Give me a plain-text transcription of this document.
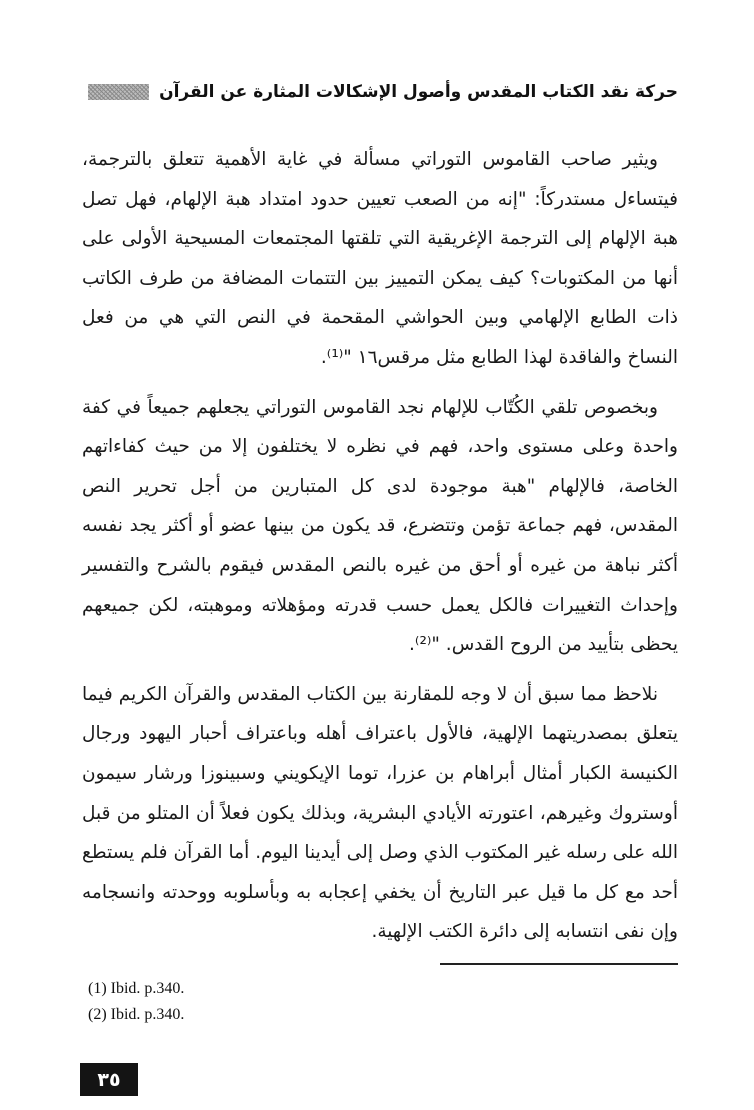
حركة نقد الكتاب المقدس وأصول الإشكالات المثارة عن القرآن

ويثير صاحب القاموس التوراتي مسألة في غاية الأهمية تتعلق بالترجمة، فيتساءل مستدركاً: "إنه من الصعب تعيين حدود امتداد هبة الإلهام، فهل تصل هبة الإلهام إلى الترجمة الإغريقية التي تلقتها المجتمعات المسيحية الأولى على أنها من المكتوبات؟ كيف يمكن التمييز بين التتمات المضافة من طرف الكاتب ذات الطابع الإلهامي وبين الحواشي المقحمة في النص التي هي من فعل النساخ والفاقدة لهذا الطابع مثل مرقس١٦ "⁽¹⁾.

وبخصوص تلقي الكُتّاب للإلهام نجد القاموس التوراتي يجعلهم جميعاً في كفة واحدة وعلى مستوى واحد، فهم في نظره لا يختلفون إلا من حيث كفاءاتهم الخاصة، فالإلهام "هبة موجودة لدى كل المتبارين من أجل تحرير النص المقدس، فهم جماعة تؤمن وتتضرع، قد يكون من بينها عضو أو أكثر يجد نفسه أكثر نباهة من غيره أو أحق من غيره بالنص المقدس فيقوم بالشرح والتفسير وإحداث التغييرات فالكل يعمل حسب قدرته ومؤهلاته وموهبته، لكن جميعهم يحظى بتأييد من الروح القدس. "⁽²⁾.

نلاحظ مما سبق أن لا وجه للمقارنة بين الكتاب المقدس والقرآن الكريم فيما يتعلق بمصدريتهما الإلهية، فالأول باعتراف أهله وباعتراف أحبار اليهود ورجال الكنيسة الكبار أمثال أبراهام بن عزرا، توما الإيكويني وسبينوزا ورشار سيمون أوستروك وغيرهم، اعتورته الأيادي البشرية، وبذلك يكون فعلاً أن المتلو من قبل الله على رسله غير المكتوب الذي وصل إلى أيدينا اليوم. أما القرآن فلم يستطع أحد مع كل ما قيل عبر التاريخ أن يخفي إعجابه به وبأسلوبه ووحدته وانسجامه وإن نفى انتسابه إلى دائرة الكتب الإلهية.

(1) Ibid. p.340.
(2) Ibid. p.340.
٣٥
